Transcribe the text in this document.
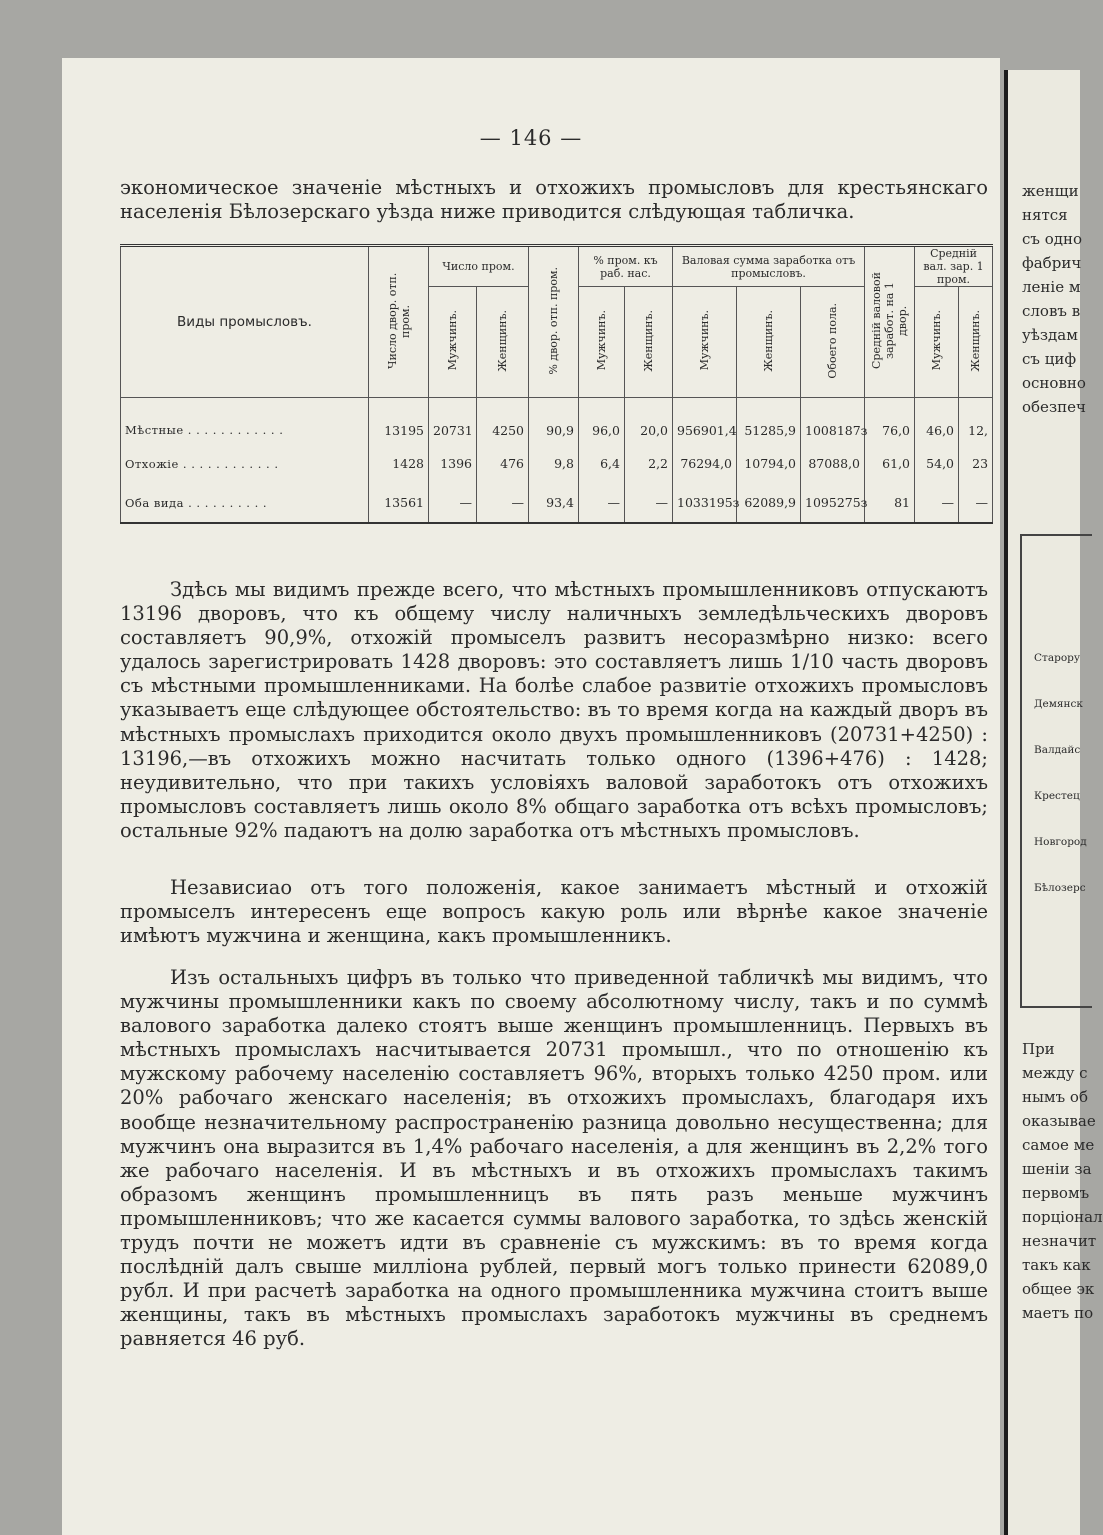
— 146 —

экономическое значеніе мѣстныхъ и отхожихъ промысловъ для крестьянскаго населенія Бѣлозерскаго уѣзда ниже приводится слѣдующая табличка.

Виды промысловъ.	Число двор. отп. пром.	Число пром.		% двор. отп. пром.	% пром. къ раб. нас.		Валовая сумма заработка отъ промысловъ.			Средній валовой заработ. на 1 двор.	Средній вал. зар. 1 пром.	
		Мужчинъ.	Женщинъ.		Мужчинъ.	Женщинъ.	Мужчинъ.	Женщинъ.	Обоего пола.		Мужчинъ.	Женщинъ.
Мѣстные . . . . . . . . . . . .	13195	20731	4250	90,9	96,0	20,0	956901,4	51285,9	1008187з	76,0	46,0	12,
Отхожіе . . . . . . . . . . . .	1428	1396	476	9,8	6,4	2,2	76294,0	10794,0	87088,0	61,0	54,0	23
Оба вида . . . . . . . . . .	13561	—	—	93,4	—	—	1033195з	62089,9	1095275з	81	—	—

Здѣсь мы видимъ прежде всего, что мѣстныхъ промышленниковъ отпускаютъ 13196 дворовъ, что къ общему числу наличныхъ земледѣльческихъ дворовъ составляетъ 90,9%, отхожій промыселъ развитъ несоразмѣрно низко: всего удалось зарегистрировать 1428 дворовъ: это составляетъ лишь 1/10 часть дворовъ съ мѣстными промышленниками. На болѣе слабое развитіе отхожихъ промысловъ указываетъ еще слѣдующее обстоятельство: въ то время когда на каждый дворъ въ мѣстныхъ промыслахъ приходится около двухъ промышленниковъ (20731+4250) : 13196,—въ отхожихъ можно насчитать только одного (1396+476) : 1428; неудивительно, что при такихъ условіяхъ валовой заработокъ отъ отхожихъ промысловъ составляетъ лишь около 8% общаго заработка отъ всѣхъ промысловъ; остальные 92% падаютъ на долю заработка отъ мѣстныхъ промысловъ.

Независиао отъ того положенія, какое занимаетъ мѣстный и отхожій промыселъ интересенъ еще вопросъ какую роль или вѣрнѣе какое значеніе имѣютъ мужчина и женщина, какъ промышленникъ.

Изъ остальныхъ цифръ въ только что приведенной табличкѣ мы видимъ, что мужчины промышленники какъ по своему абсолютному числу, такъ и по суммѣ валового заработка далеко стоятъ выше женщинъ промышленницъ. Первыхъ въ мѣстныхъ промыслахъ насчитывается 20731 промышл., что по отношенію къ мужскому рабочему населенію составляетъ 96%, вторыхъ только 4250 пром. или 20% рабочаго женскаго населенія; въ отхожихъ промыслахъ, благодаря ихъ вообще незначительному распространенію разница довольно несущественна; для мужчинъ она выразится въ 1,4% рабочаго населенія, а для женщинъ въ 2,2% того же рабочаго населенія. И въ мѣстныхъ и въ отхожихъ промыслахъ такимъ образомъ женщинъ промышленницъ въ пять разъ меньше мужчинъ промышленниковъ; что же касается суммы валового заработка, то здѣсь женскій трудъ почти не можетъ идти въ сравненіе съ мужскимъ: въ то время когда послѣдній далъ свыше милліона рублей, первый могъ только принести 62089,0 рубл. И при расчетѣ заработка на одного промышленника мужчина стоитъ выше женщины, такъ въ мѣстныхъ промыслахъ заработокъ мужчины въ среднемъ равняется 46 руб.

женщи
нятся
съ одно
фабрич
леніе м
словъ в
уѣздам
съ циф
основно
обезпеч
Староpу
Демянск
Валдайс
Крестец
Новгород
Бѣлозерс
При
между с
нымъ об
оказывае
самое ме
шеніи за
первомъ
порціонал
незначит
такъ как
общее эк
маетъ по
